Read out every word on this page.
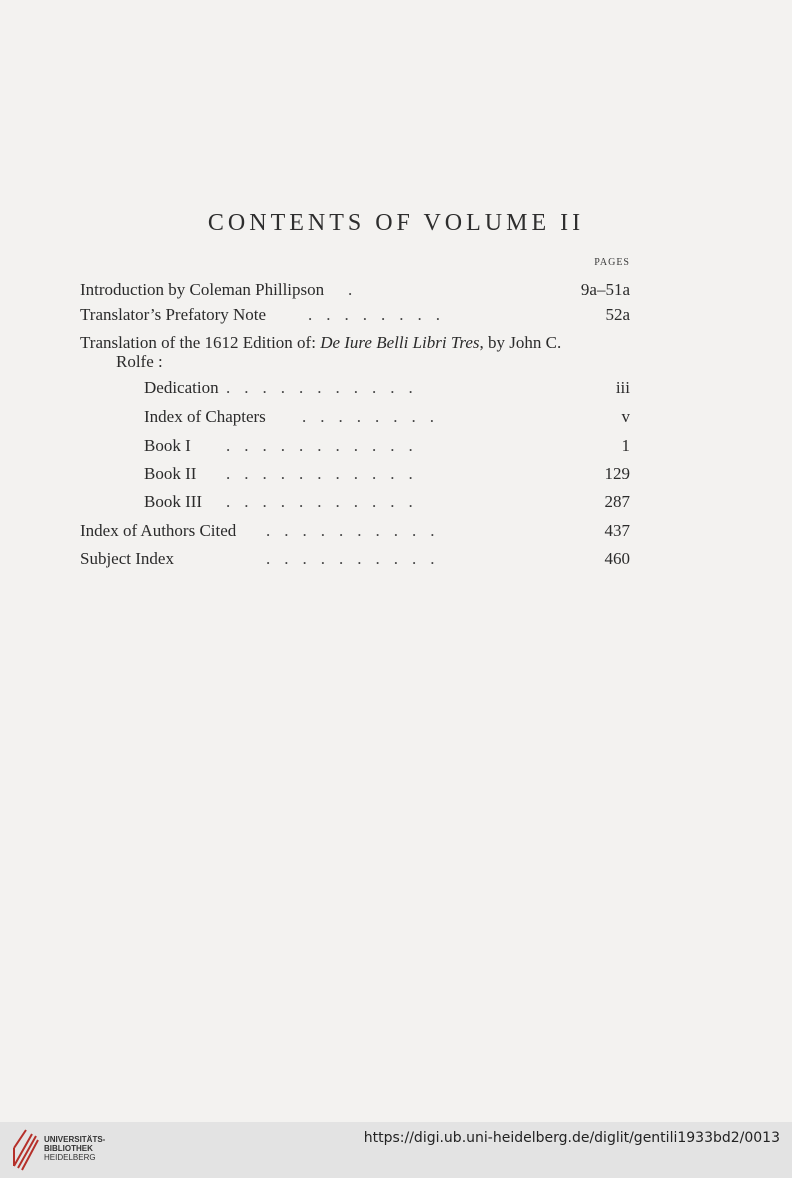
CONTENTS OF VOLUME II
PAGES
Introduction by Coleman Phillipson .	9a–51a
Translator’s Prefatory Note ........	52a
Translation of the 1612 Edition of: De Iure Belli Libri Tres, by John C.
Rolfe :
Dedication ...........	iii
Index of Chapters ........	v
Book I ...........	1
Book II ...........	129
Book III ...........	287
Index of Authors Cited ..........	437
Subject Index	..........	460
UNIVERSITÄTS-
BIBLIOTHEK
HEIDELBERG
https://digi.ub.uni-heidelberg.de/diglit/gentili1933bd2/0013
